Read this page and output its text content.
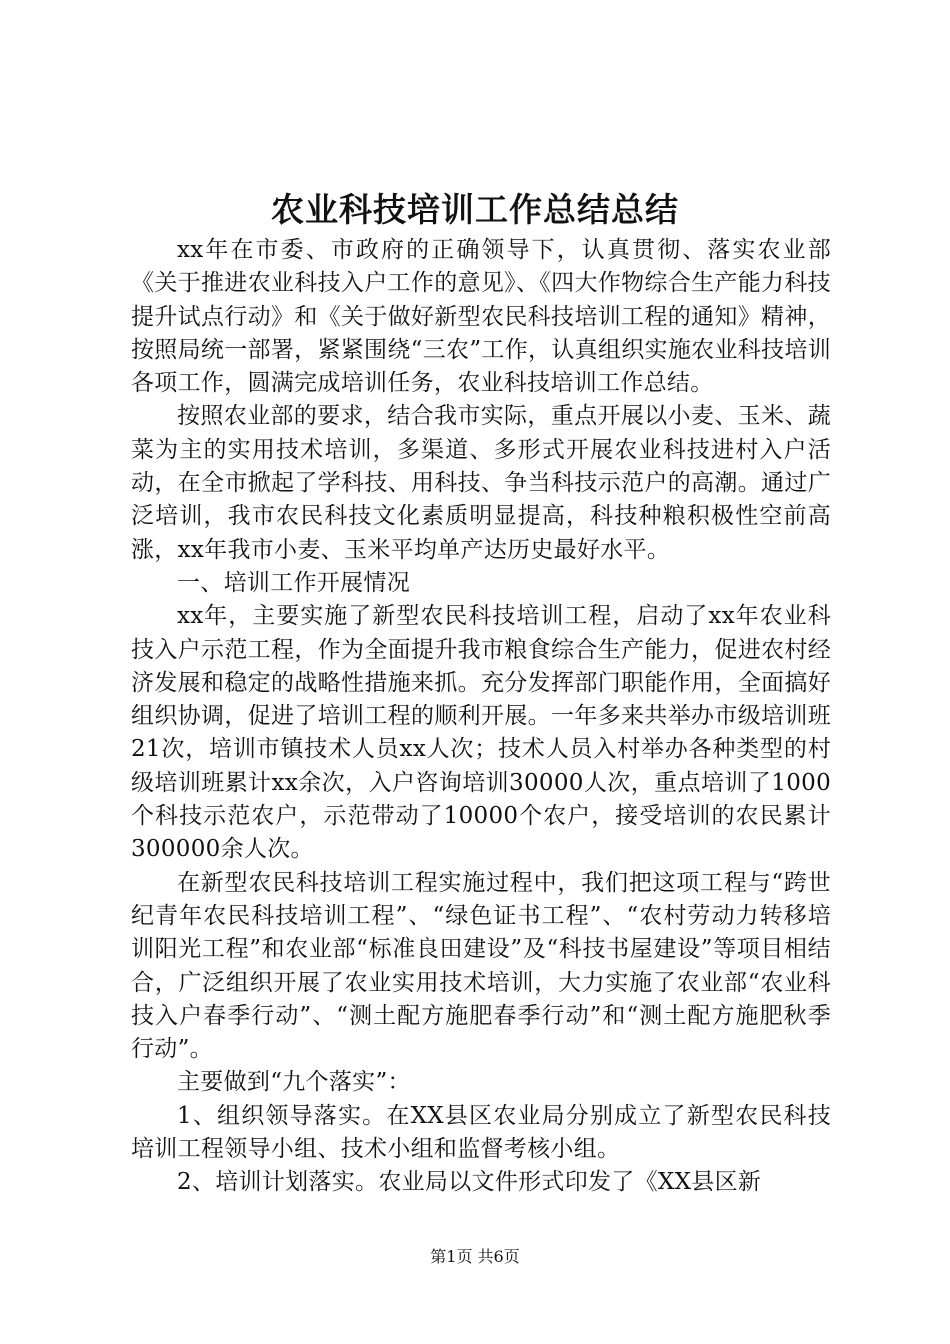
农业科技培训工作总结总结

xx年在市委、市政府的正确领导下，认真贯彻、落实农业部《关于推进农业科技入户工作的意见》、《四大作物综合生产能力科技提升试点行动》和《关于做好新型农民科技培训工程的通知》精神，按照局统一部署，紧紧围绕“三农”工作，认真组织实施农业科技培训各项工作，圆满完成培训任务，农业科技培训工作总结。

按照农业部的要求，结合我市实际，重点开展以小麦、玉米、蔬菜为主的实用技术培训，多渠道、多形式开展农业科技进村入户活动，在全市掀起了学科技、用科技、争当科技示范户的高潮。通过广泛培训，我市农民科技文化素质明显提高，科技种粮积极性空前高涨，xx年我市小麦、玉米平均单产达历史最好水平。

一、培训工作开展情况

xx年，主要实施了新型农民科技培训工程，启动了xx年农业科技入户示范工程，作为全面提升我市粮食综合生产能力，促进农村经济发展和稳定的战略性措施来抓。充分发挥部门职能作用，全面搞好组织协调，促进了培训工程的顺利开展。一年多来共举办市级培训班21次，培训市镇技术人员xx人次；技术人员入村举办各种类型的村级培训班累计xx余次，入户咨询培训30000人次，重点培训了1000个科技示范农户，示范带动了10000个农户，接受培训的农民累计300000余人次。

在新型农民科技培训工程实施过程中，我们把这项工程与“跨世纪青年农民科技培训工程”、“绿色证书工程”、“农村劳动力转移培训阳光工程”和农业部“标准良田建设”及“科技书屋建设”等项目相结合，广泛组织开展了农业实用技术培训，大力实施了农业部“农业科技入户春季行动”、“测土配方施肥春季行动”和“测土配方施肥秋季行动”。

主要做到“九个落实”：

1、组织领导落实。在XX县区农业局分别成立了新型农民科技培训工程领导小组、技术小组和监督考核小组。

2、培训计划落实。农业局以文件形式印发了《XX县区新

第1页 共6页
